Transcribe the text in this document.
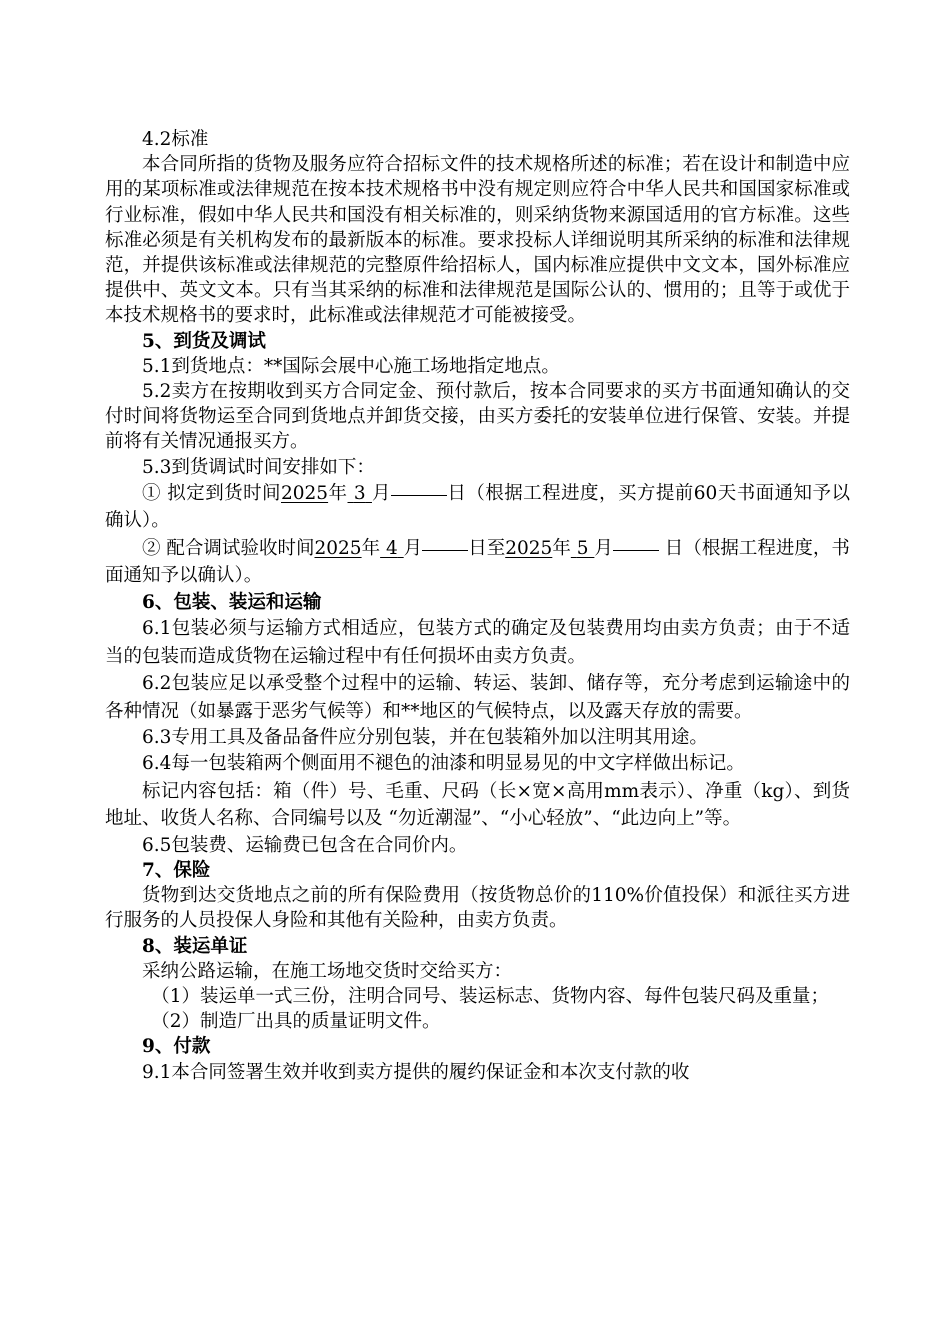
4.2标准

本合同所指的货物及服务应符合招标文件的技术规格所述的标准；若在设计和制造中应用的某项标准或法律规范在按本技术规格书中没有规定则应符合中华人民共和国国家标准或行业标准，假如中华人民共和国没有相关标准的，则采纳货物来源国适用的官方标准。这些标准必须是有关机构发布的最新版本的标准。要求投标人详细说明其所采纳的标准和法律规范，并提供该标准或法律规范的完整原件给招标人，国内标准应提供中文文本，国外标准应提供中、英文文本。只有当其采纳的标准和法律规范是国际公认的、惯用的；且等于或优于本技术规格书的要求时，此标准或法律规范才可能被接受。

5、到货及调试

5.1到货地点：**国际会展中心施工场地指定地点。

5.2卖方在按期收到买方合同定金、预付款后，按本合同要求的买方书面通知确认的交付时间将货物运至合同到货地点并卸货交接，由买方委托的安装单位进行保管、安装。并提前将有关情况通报买方。

5.3到货调试时间安排如下：

① 拟定到货时间2025年 3 月	日（根据工程进度，买方提前60天书面通知予以确认）。

② 配合调试验收时间2025年 4 月 日至2025年 5 月 日（根据工程进度，书面通知予以确认）。

6、包装、装运和运输

6.1包装必须与运输方式相适应，包装方式的确定及包装费用均由卖方负责；由于不适当的包装而造成货物在运输过程中有任何损坏由卖方负责。

6.2包装应足以承受整个过程中的运输、转运、装卸、储存等，充分考虑到运输途中的各种情况（如暴露于恶劣气候等）和**地区的气候特点，以及露天存放的需要。

6.3专用工具及备品备件应分别包装，并在包装箱外加以注明其用途。

6.4每一包装箱两个侧面用不褪色的油漆和明显易见的中文字样做出标记。

标记内容包括：箱（件）号、毛重、尺码（长×宽×高用mm表示）、净重（kg）、到货地址、收货人名称、合同编号以及 “勿近潮湿”、“小心轻放”、“此边向上”等。

6.5包装费、运输费已包含在合同价内。

7、保险

货物到达交货地点之前的所有保险费用（按货物总价的110%价值投保）和派往买方进行服务的人员投保人身险和其他有关险种，由卖方负责。

8、装运单证

采纳公路运输，在施工场地交货时交给买方：

（1）装运单一式三份，注明合同号、装运标志、货物内容、每件包装尺码及重量；

（2）制造厂出具的质量证明文件。

9、付款

9.1本合同签署生效并收到卖方提供的履约保证金和本次支付款的收
